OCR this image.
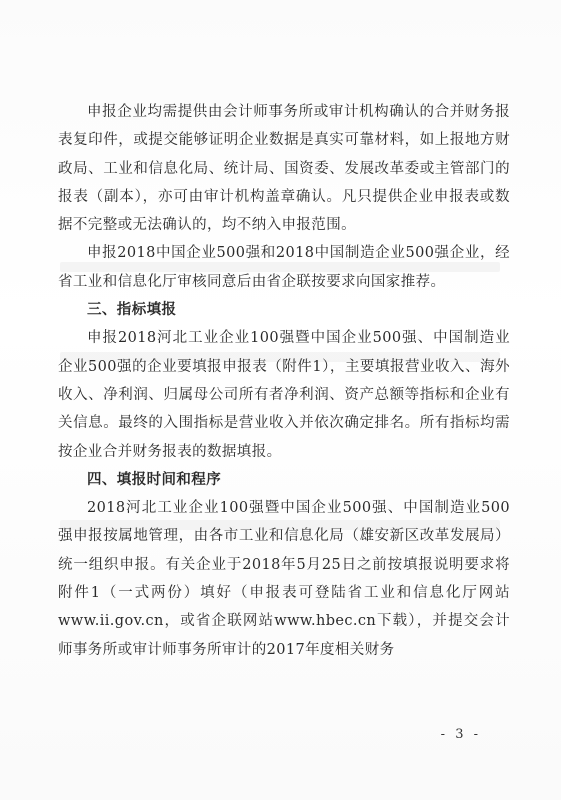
申报企业均需提供由会计师事务所或审计机构确认的合并财务报表复印件，或提交能够证明企业数据是真实可靠材料，如上报地方财政局、工业和信息化局、统计局、国资委、发展改革委或主管部门的报表（副本），亦可由审计机构盖章确认。凡只提供企业申报表或数据不完整或无法确认的，均不纳入申报范围。

申报2018中国企业500强和2018中国制造企业500强企业，经省工业和信息化厅审核同意后由省企联按要求向国家推荐。

三、指标填报

申报2018河北工业企业100强暨中国企业500强、中国制造业企业500强的企业要填报申报表（附件1），主要填报营业收入、海外收入、净利润、归属母公司所有者净利润、资产总额等指标和企业有关信息。最终的入围指标是营业收入并依次确定排名。所有指标均需按企业合并财务报表的数据填报。

四、填报时间和程序

2018河北工业企业100强暨中国企业500强、中国制造业500强申报按属地管理，由各市工业和信息化局（雄安新区改革发展局）统一组织申报。有关企业于2018年5月25日之前按填报说明要求将附件1（一式两份）填好（申报表可登陆省工业和信息化厅网站www.ii.gov.cn，或省企联网站www.hbec.cn下载），并提交会计师事务所或审计师事务所审计的2017年度相关财务

- 3 -
